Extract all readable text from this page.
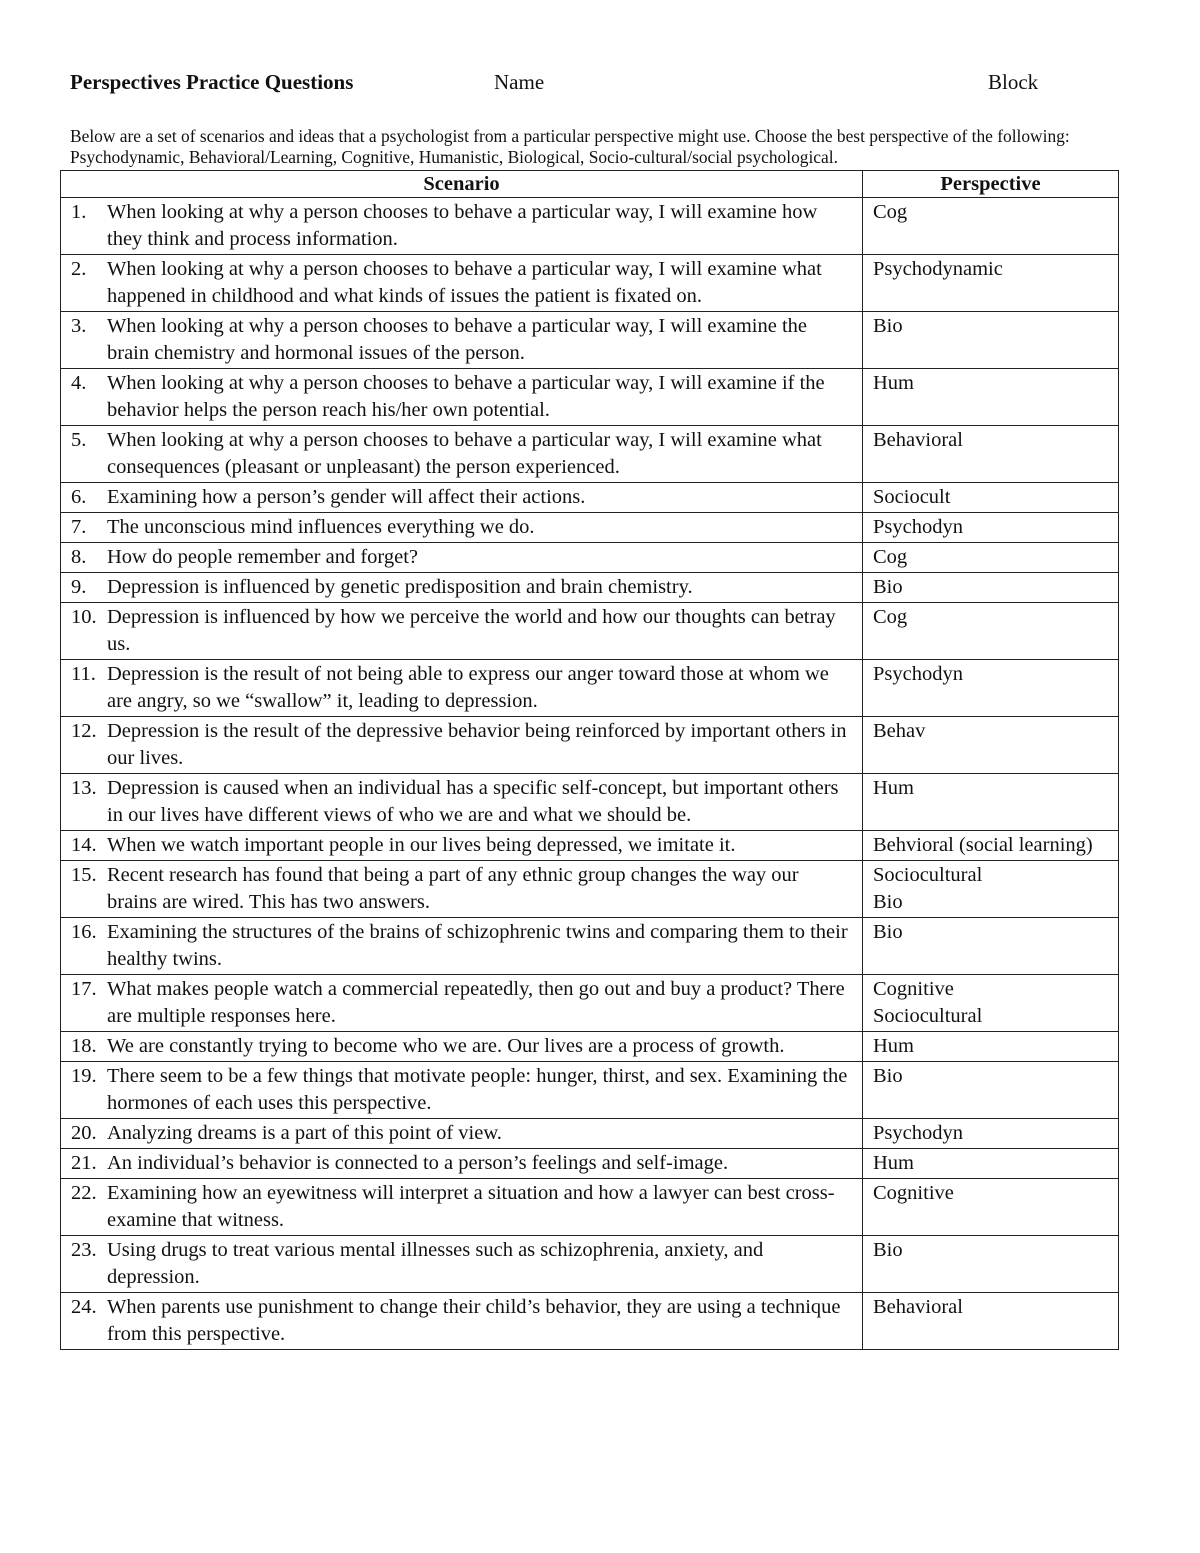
Perspectives Practice Questions	Name	Block
Below are a set of scenarios and ideas that a psychologist from a particular perspective might use. Choose the best perspective of the following: Psychodynamic, Behavioral/Learning, Cognitive, Humanistic, Biological, Socio-cultural/social psychological.
Scenario	Perspective
1. When looking at why a person chooses to behave a particular way, I will examine how they think and process information.	Cog
2. When looking at why a person chooses to behave a particular way, I will examine what happened in childhood and what kinds of issues the patient is fixated on.	Psychodynamic
3. When looking at why a person chooses to behave a particular way, I will examine the brain chemistry and hormonal issues of the person.	Bio
4. When looking at why a person chooses to behave a particular way, I will examine if the behavior helps the person reach his/her own potential.	Hum
5. When looking at why a person chooses to behave a particular way, I will examine what consequences (pleasant or unpleasant) the person experienced.	Behavioral
6. Examining how a person’s gender will affect their actions.	Sociocult
7. The unconscious mind influences everything we do.	Psychodyn
8. How do people remember and forget?	Cog
9. Depression is influenced by genetic predisposition and brain chemistry.	Bio
10. Depression is influenced by how we perceive the world and how our thoughts can betray us.	Cog
11. Depression is the result of not being able to express our anger toward those at whom we are angry, so we “swallow” it, leading to depression.	Psychodyn
12. Depression is the result of the depressive behavior being reinforced by important others in our lives.	Behav
13. Depression is caused when an individual has a specific self-concept, but important others in our lives have different views of who we are and what we should be.	Hum
14. When we watch important people in our lives being depressed, we imitate it.	Behvioral (social learning)
15. Recent research has found that being a part of any ethnic group changes the way our brains are wired. This has two answers.	Sociocultural
Bio
16. Examining the structures of the brains of schizophrenic twins and comparing them to their healthy twins.	Bio
17. What makes people watch a commercial repeatedly, then go out and buy a product? There are multiple responses here.	Cognitive
Sociocultural
18. We are constantly trying to become who we are. Our lives are a process of growth.	Hum
19. There seem to be a few things that motivate people: hunger, thirst, and sex. Examining the hormones of each uses this perspective.	Bio
20. Analyzing dreams is a part of this point of view.	Psychodyn
21. An individual’s behavior is connected to a person’s feelings and self-image.	Hum
22. Examining how an eyewitness will interpret a situation and how a lawyer can best cross-examine that witness.	Cognitive
23. Using drugs to treat various mental illnesses such as schizophrenia, anxiety, and depression.	Bio
24. When parents use punishment to change their child’s behavior, they are using a technique from this perspective.	Behavioral
